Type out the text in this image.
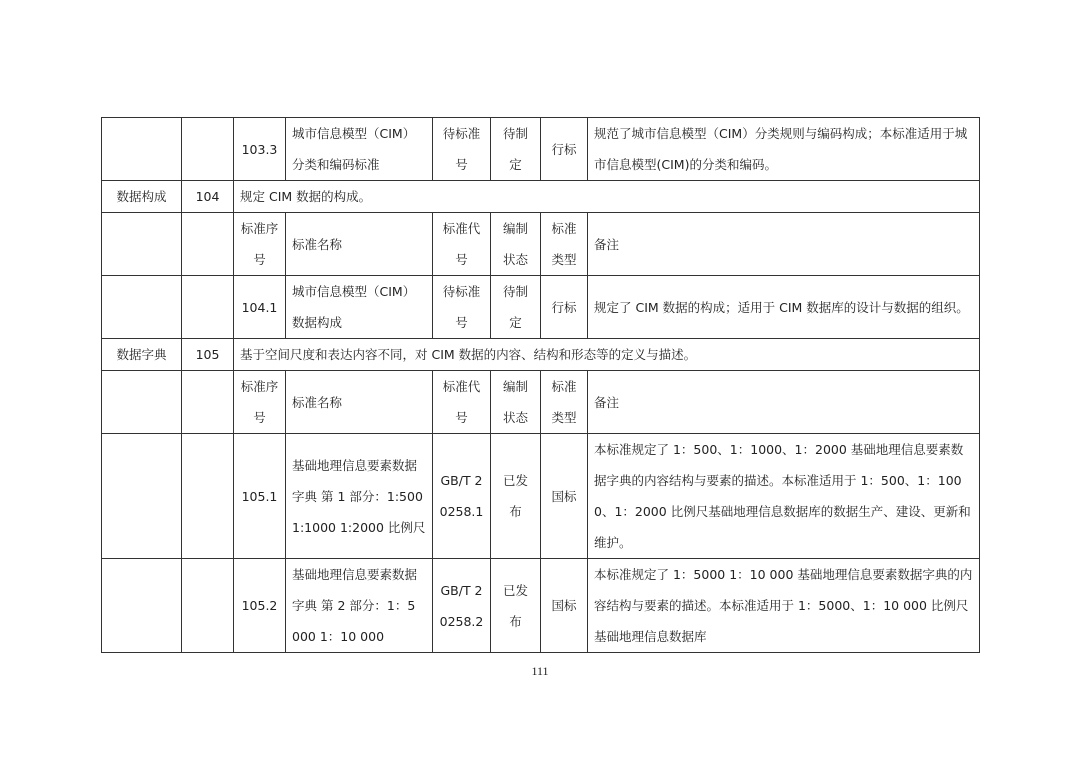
		103.3	城市信息模型（CIM）分类和编码标准	待标准号	待制定	行标	规范了城市信息模型（CIM）分类规则与编码构成；本标准适用于城市信息模型(CIM)的分类和编码。
数据构成	104	规定 CIM 数据的构成。					
		标准序号	标准名称	标准代号	编制状态	标准类型	备注
		104.1	城市信息模型（CIM）数据构成	待标准号	待制定	行标	规定了 CIM 数据的构成；适用于 CIM 数据库的设计与数据的组织。
数据字典	105	基于空间尺度和表达内容不同，对 CIM 数据的内容、结构和形态等的定义与描述。					
		标准序号	标准名称	标准代号	编制状态	标准类型	备注
		105.1	基础地理信息要素数据字典 第 1 部分：1:500 1:1000 1:2000 比例尺	GB/T 20258.1	已发布	国标	本标准规定了 1：500、1：1000、1：2000 基础地理信息要素数据字典的内容结构与要素的描述。本标准适用于 1：500、1：1000、1：2000 比例尺基础地理信息数据库的数据生产、建设、更新和维护。
		105.2	基础地理信息要素数据字典 第 2 部分：1：5 000 1：10 000	GB/T 20258.2	已发布	国标	本标准规定了 1：5000 1：10 000 基础地理信息要素数据字典的内容结构与要素的描述。本标准适用于 1：5000、1：10 000 比例尺基础地理信息数据库
111
